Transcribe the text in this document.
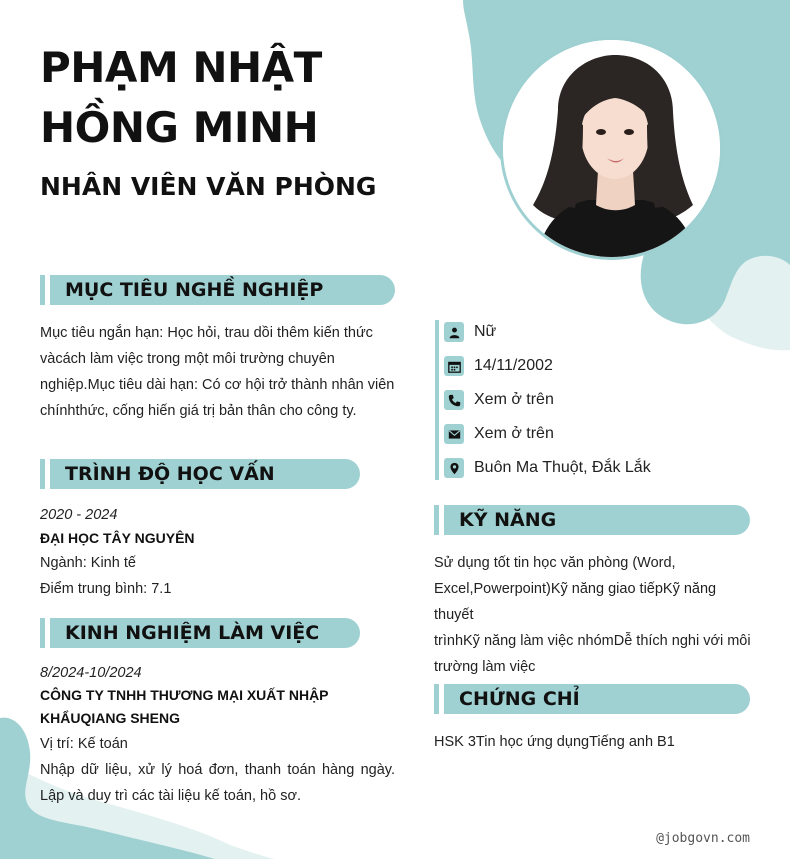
PHẠM NHẬT
HỒNG MINH
NHÂN VIÊN VĂN PHÒNG
MỤC TIÊU NGHỀ NGHIỆP
Mục tiêu ngắn hạn: Học hỏi, trau dồi thêm kiến thức
vàcách làm việc trong một môi trường chuyên
nghiệp.Mục tiêu dài hạn: Có cơ hội trở thành nhân viên
chínhthức, cống hiến giá trị bản thân cho công ty.
TRÌNH ĐỘ HỌC VẤN
2020 - 2024
ĐẠI HỌC TÂY NGUYÊN
Ngành: Kinh tế
Điểm trung bình: 7.1
KINH NGHIỆM LÀM VIỆC
8/2024-10/2024
CÔNG TY TNHH THƯƠNG MẠI XUẤT NHẬP KHẨUQIANG SHENG
Vị trí: Kế toán
Nhập dữ liệu, xử lý hoá đơn, thanh toán hàng ngày. Lập và duy trì các tài liệu kế toán, hồ sơ.
Nữ
14/11/2002
Xem ở trên
Xem ở trên
Buôn Ma Thuột, Đắk Lắk
KỸ NĂNG
Sử dụng tốt tin học văn phòng (Word,
Excel,Powerpoint)Kỹ năng giao tiếpKỹ năng thuyết
trìnhKỹ năng làm việc nhómDễ thích nghi với môi
trường làm việc
CHỨNG CHỈ
HSK 3Tin học ứng dụngTiếng anh B1
@jobgovn.com
